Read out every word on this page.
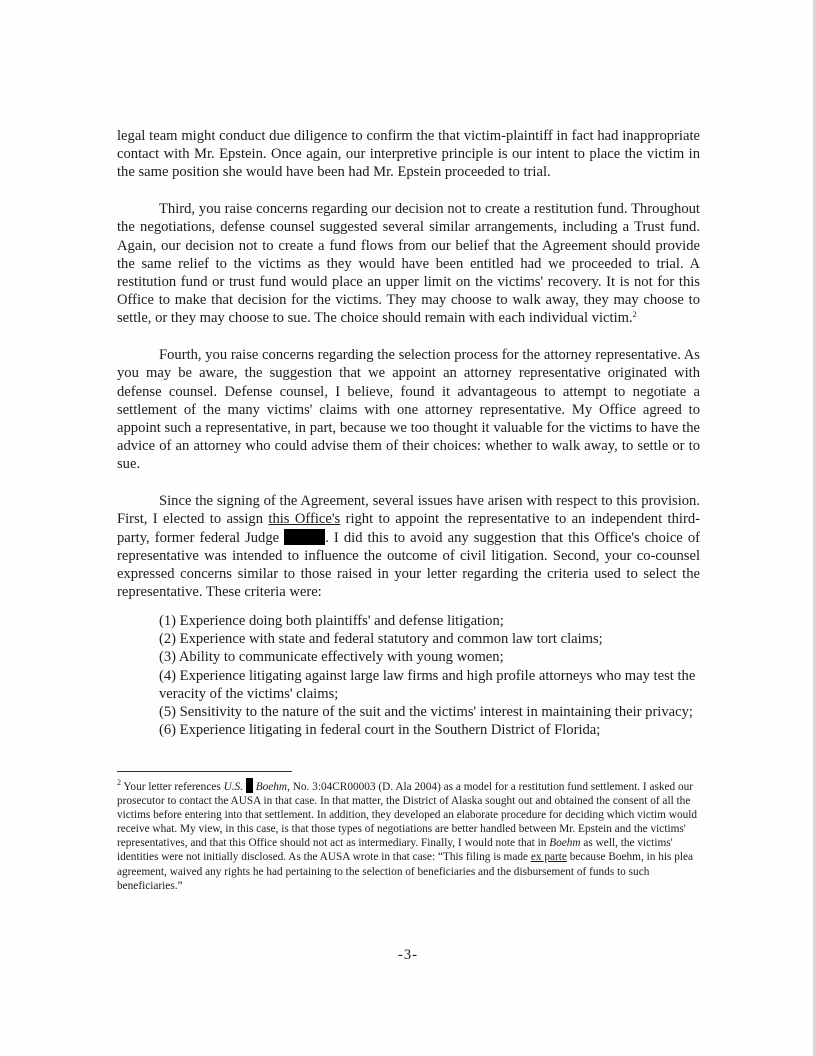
legal team might conduct due diligence to confirm the that victim-plaintiff in fact had inappropriate contact with Mr. Epstein. Once again, our interpretive principle is our intent to place the victim in the same position she would have been had Mr. Epstein proceeded to trial.

Third, you raise concerns regarding our decision not to create a restitution fund. Throughout the negotiations, defense counsel suggested several similar arrangements, including a Trust fund. Again, our decision not to create a fund flows from our belief that the Agreement should provide the same relief to the victims as they would have been entitled had we proceeded to trial. A restitution fund or trust fund would place an upper limit on the victims' recovery. It is not for this Office to make that decision for the victims. They may choose to walk away, they may choose to settle, or they may choose to sue. The choice should remain with each individual victim.$^2$

Fourth, you raise concerns regarding the selection process for the attorney representative. As you may be aware, the suggestion that we appoint an attorney representative originated with defense counsel. Defense counsel, I believe, found it advantageous to attempt to negotiate a settlement of the many victims' claims with one attorney representative. My Office agreed to appoint such a representative, in part, because we too thought it valuable for the victims to have the advice of an attorney who could advise them of their choices: whether to walk away, to settle or to sue.

Since the signing of the Agreement, several issues have arisen with respect to this provision. First, I elected to assign this Office's right to appoint the representative to an independent third-party, former federal Judge	. I did this to avoid any suggestion that this Office's choice of representative was intended to influence the outcome of civil litigation. Second, your co-counsel expressed concerns similar to those raised in your letter regarding the criteria used to select the representative. These criteria were:

(1) Experience doing both plaintiffs' and defense litigation;

(2) Experience with state and federal statutory and common law tort claims;

(3) Ability to communicate effectively with young women;

(4) Experience litigating against large law firms and high profile attorneys who may test the veracity of the victims' claims;

(5) Sensitivity to the nature of the suit and the victims' interest in maintaining their privacy;

(6) Experience litigating in federal court in the Southern District of Florida;

$^2$ Your letter references U.S. Boehm, No. 3:04CR00003 (D. Ala 2004) as a model for a restitution fund settlement. I asked our prosecutor to contact the AUSA in that case. In that matter, the District of Alaska sought out and obtained the consent of all the victims before entering into that settlement. In addition, they developed an elaborate procedure for deciding which victim would receive what. My view, in this case, is that those types of negotiations are better handled between Mr. Epstein and the victims' representatives, and that this Office should not act as intermediary. Finally, I would note that in Boehm as well, the victims' identities were not initially disclosed. As the AUSA wrote in that case: “This filing is made ex parte because Boehm, in his plea agreement, waived any rights he had pertaining to the selection of beneficiaries and the disbursement of funds to such beneficiaries.”

-3-
